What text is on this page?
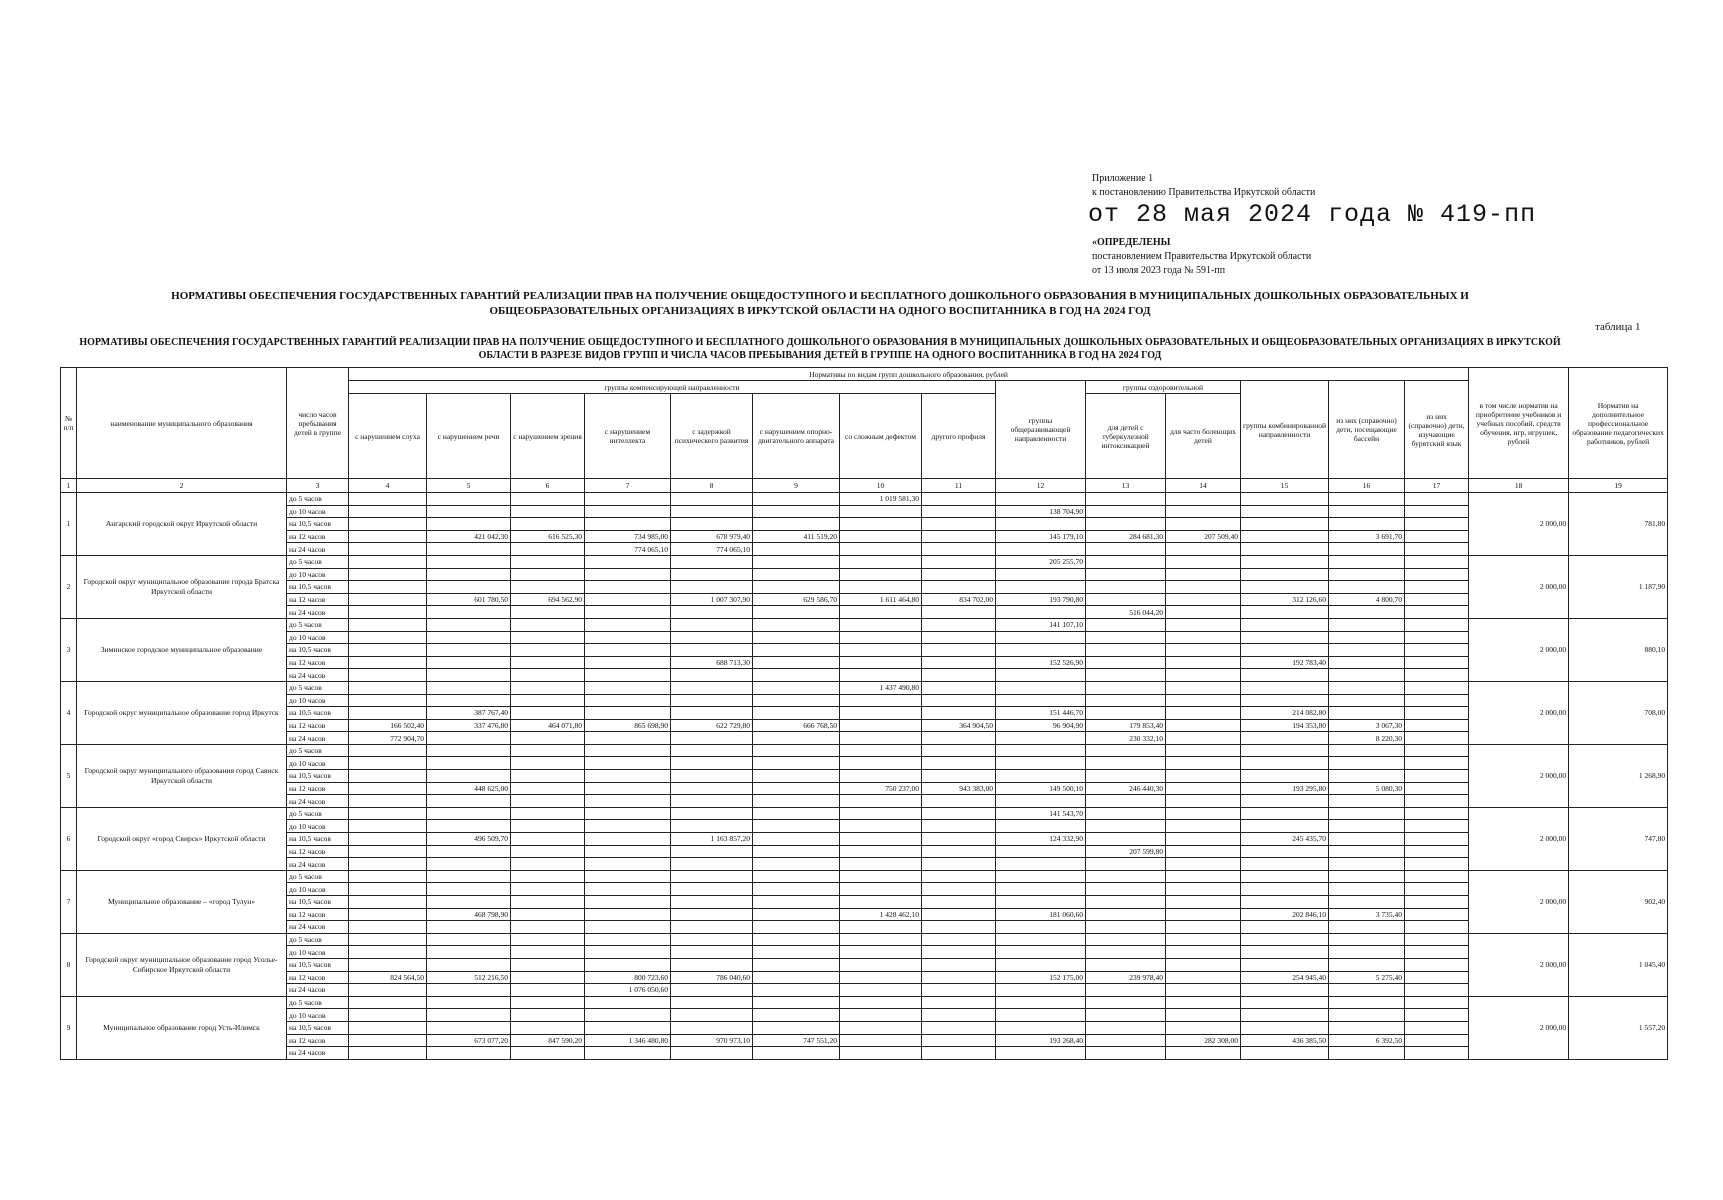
Приложение 1
к постановлению Правительства Иркутской области
от 28 мая 2024 года № 419-пп
«ОПРЕДЕЛЕНЫ
постановлением Правительства Иркутской области
от 13 июля 2023 года № 591-пп
НОРМАТИВЫ ОБЕСПЕЧЕНИЯ ГОСУДАРСТВЕННЫХ ГАРАНТИЙ РЕАЛИЗАЦИИ ПРАВ НА ПОЛУЧЕНИЕ ОБЩЕДОСТУПНОГО И БЕСПЛАТНОГО ДОШКОЛЬНОГО ОБРАЗОВАНИЯ В МУНИЦИПАЛЬНЫХ ДОШКОЛЬНЫХ ОБРАЗОВАТЕЛЬНЫХ И ОБЩЕОБРАЗОВАТЕЛЬНЫХ ОРГАНИЗАЦИЯХ В ИРКУТСКОЙ ОБЛАСТИ НА ОДНОГО ВОСПИТАННИКА В ГОД НА 2024 ГОД
таблица 1
НОРМАТИВЫ ОБЕСПЕЧЕНИЯ ГОСУДАРСТВЕННЫХ ГАРАНТИЙ РЕАЛИЗАЦИИ ПРАВ НА ПОЛУЧЕНИЕ ОБЩЕДОСТУПНОГО И БЕСПЛАТНОГО ДОШКОЛЬНОГО ОБРАЗОВАНИЯ В МУНИЦИПАЛЬНЫХ ДОШКОЛЬНЫХ ОБРАЗОВАТЕЛЬНЫХ И ОБЩЕОБРАЗОВАТЕЛЬНЫХ ОРГАНИЗАЦИЯХ В ИРКУТСКОЙ ОБЛАСТИ В РАЗРЕЗЕ ВИДОВ ГРУПП И ЧИСЛА ЧАСОВ ПРЕБЫВАНИЯ ДЕТЕЙ В ГРУППЕ НА ОДНОГО ВОСПИТАННИКА В ГОД НА 2024 ГОД
№ п/п	наименование муниципального образования	число часов пребывания детей в группе	Нормативы по видам групп дошкольного образования, рублей														в том числе норматив на приобретение учебников и учебных пособий, средств обучения, игр, игрушек, рублей	Норматив на дополнительное профессиональное образование педагогических работников, рублей
			группы компенсирующей направленности								группы общеразвивающей направленности	группы оздоровительной		группы комбинированной направленности	из них (справочно) дети, посещающие бассейн	из них (справочно) дети, изучающие бурятский язык		
			с нарушением слуха	с нарушением речи	с нарушением зрения	с нарушением интеллекта	с задержкой психического развития	с нарушением опорно-двигательного аппарата	со сложным дефектом	другого профиля		для детей с туберкулезной интоксикацией	для часто болеющих детей					
1	2	3	4	5	6	7	8	9	10	11	12	13	14	15	16	17	18	19
1	Ангарский городской округ Иркутской области	до 5 часов							1 019 581,30								2 000,00	781,80
		до 10 часов									138 704,90							
		на 10,5 часов																
		на 12 часов		421 042,30	616 525,30	734 985,00	678 979,40	411 519,20			145 179,10	284 681,30	207 509,40		3 691,70			
		на 24 часов				774 065,10	774 065,10											
2	Городской округ муниципальное образование города Братска Иркутской области	до 5 часов									205 255,70						2 000,00	1 187,90
		до 10 часов																
		на 10,5 часов																
		на 12 часов		601 780,50	694 562,90		1 007 307,90	629 586,70	1 611 464,80	834 702,00	193 790,80			312 126,60	4 800,70			
		на 24 часов										516 044,20						
3	Зиминское городское муниципальное образование	до 5 часов									141 107,10						2 000,00	880,10
		до 10 часов																
		на 10,5 часов																
		на 12 часов					688 713,30				152 526,90			192 783,40				
		на 24 часов																
4	Городской округ муниципальное образование город Иркутск	до 5 часов							1 437 490,80								2 000,00	708,00
		до 10 часов																
		на 10,5 часов		387 767,40							151 446,70			214 082,80				
		на 12 часов	166 502,40	337 476,80	464 071,80	865 698,90	622 729,80	666 768,50		364 904,50	96 904,90	179 853,40		194 353,80	3 067,30			
		на 24 часов	772 904,70									230 332,10			8 220,30			
5	Городской округ муниципального образования город Саянск Иркутской области	до 5 часов															2 000,00	1 268,90
		до 10 часов																
		на 10,5 часов																
		на 12 часов		448 625,00					750 237,00	943 383,00	149 500,10	246 440,30		193 295,80	5 080,30			
		на 24 часов																
6	Городской округ «город Свирск» Иркутской области	до 5 часов									141 543,70						2 000,00	747,80
		до 10 часов																
		на 10,5 часов		496 509,70			1 163 857,20				124 332,90			245 435,70				
		на 12 часов										207 599,80						
		на 24 часов																
7	Муниципальное образование – «город Тулун»	до 5 часов															2 000,00	902,40
		до 10 часов																
		на 10,5 часов																
		на 12 часов		468 798,90					1 428 462,10		181 060,60			202 846,10	3 735,40			
		на 24 часов																
8	Городской округ муниципальное образование город Усолье-Сибирское Иркутской области	до 5 часов															2 000,00	1 045,40
		до 10 часов																
		на 10,5 часов																
		на 12 часов	824 564,50	512 216,50		800 723,60	786 040,60				152 175,00	239 978,40		254 945,40	5 275,40			
		на 24 часов				1 076 050,60												
9	Муниципальное образование город Усть-Илимск	до 5 часов															2 000,00	1 557,20
		до 10 часов																
		на 10,5 часов																
		на 12 часов		673 077,20	847 590,20	1 346 480,80	970 973,10	747 551,20			193 268,40		282 308,00	436 385,50	6 392,50			
		на 24 часов																
